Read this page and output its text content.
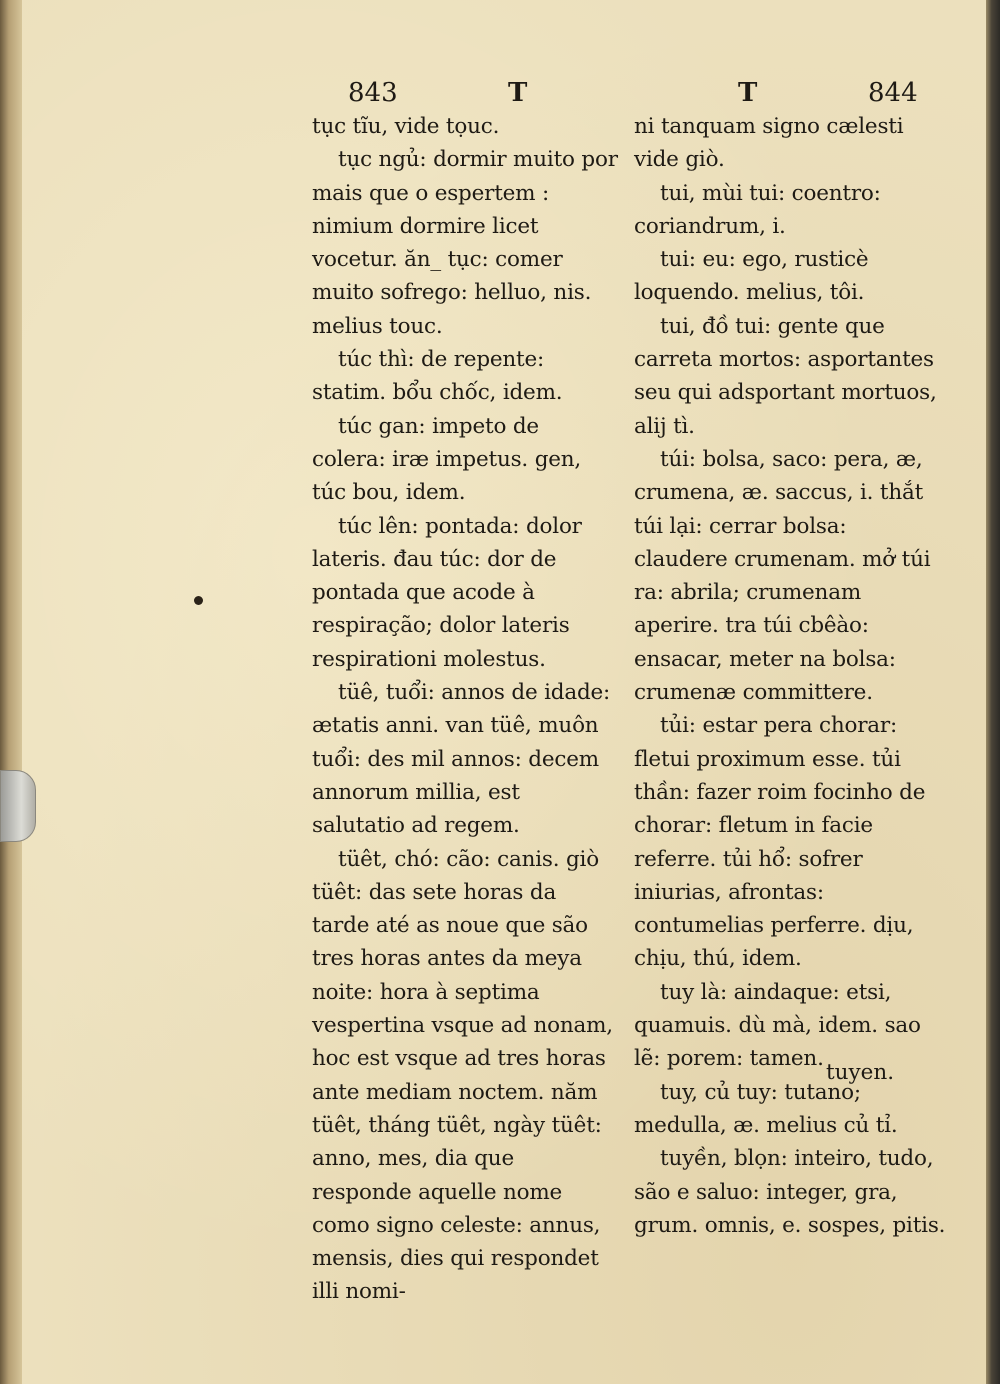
843	T	T	844

tục tĩu, vide tọuc.

tục ngủ: dormir muito por mais que o espertem : nimium dormire licet vocetur. ăn_ tục: comer muito sofrego: helluo, nis. melius touc.

túc thì: de repente: statim. bổu chốc, idem.

túc gan: impeto de colera: iræ impetus. gen, túc bou, idem.

túc lên: pontada: dolor lateris. đau túc: dor de pontada que acode à respiração; dolor lateris respirationi molestus.

tüê, tuổi: annos de idade: ætatis anni. van tüê, muôn tuổi: des mil annos: decem annorum millia, est salutatio ad regem.

tüêt, chó: cão: canis. giò tüêt: das sete horas da tarde até as noue que são tres horas antes da meya noite: hora à septima vespertina vsque ad nonam, hoc est vsque ad tres horas ante mediam noctem. năm tüêt, tháng tüêt, ngày tüêt: anno, mes, dia que responde aquelle nome como signo celeste: annus, mensis, dies qui respondet illi nomi-

ni tanquam signo cælesti vide giò.

tui, mùi tui: coentro: coriandrum, i.

tui: eu: ego, rusticè loquendo. melius, tôi.

tui, đồ tui: gente que carreta mortos: asportantes seu qui adsportant mortuos, alij tì.

túi: bolsa, saco: pera, æ, crumena, æ. saccus, i. thắt túi lại: cerrar bolsa: claudere crumenam. mở túi ra: abrila; crumenam aperire. tra túi cbêào: ensacar, meter na bolsa: crumenæ committere.

tủi: estar pera chorar: fletui proximum esse. tủi thần: fazer roim focinho de chorar: fletum in facie referre. tủi hổ: sofrer iniurias, afrontas: contumelias perferre. dịu, chịu, thú, idem.

tuy là: aindaque: etsi, quamuis. dù mà, idem. sao lẽ: porem: tamen.

tuy, củ tuy: tutano; medulla, æ. melius củ tỉ.

tuyền, blọn: inteiro, tudo, são e saluo: integer, gra, grum. omnis, e. sospes, pitis.

tuyen.
